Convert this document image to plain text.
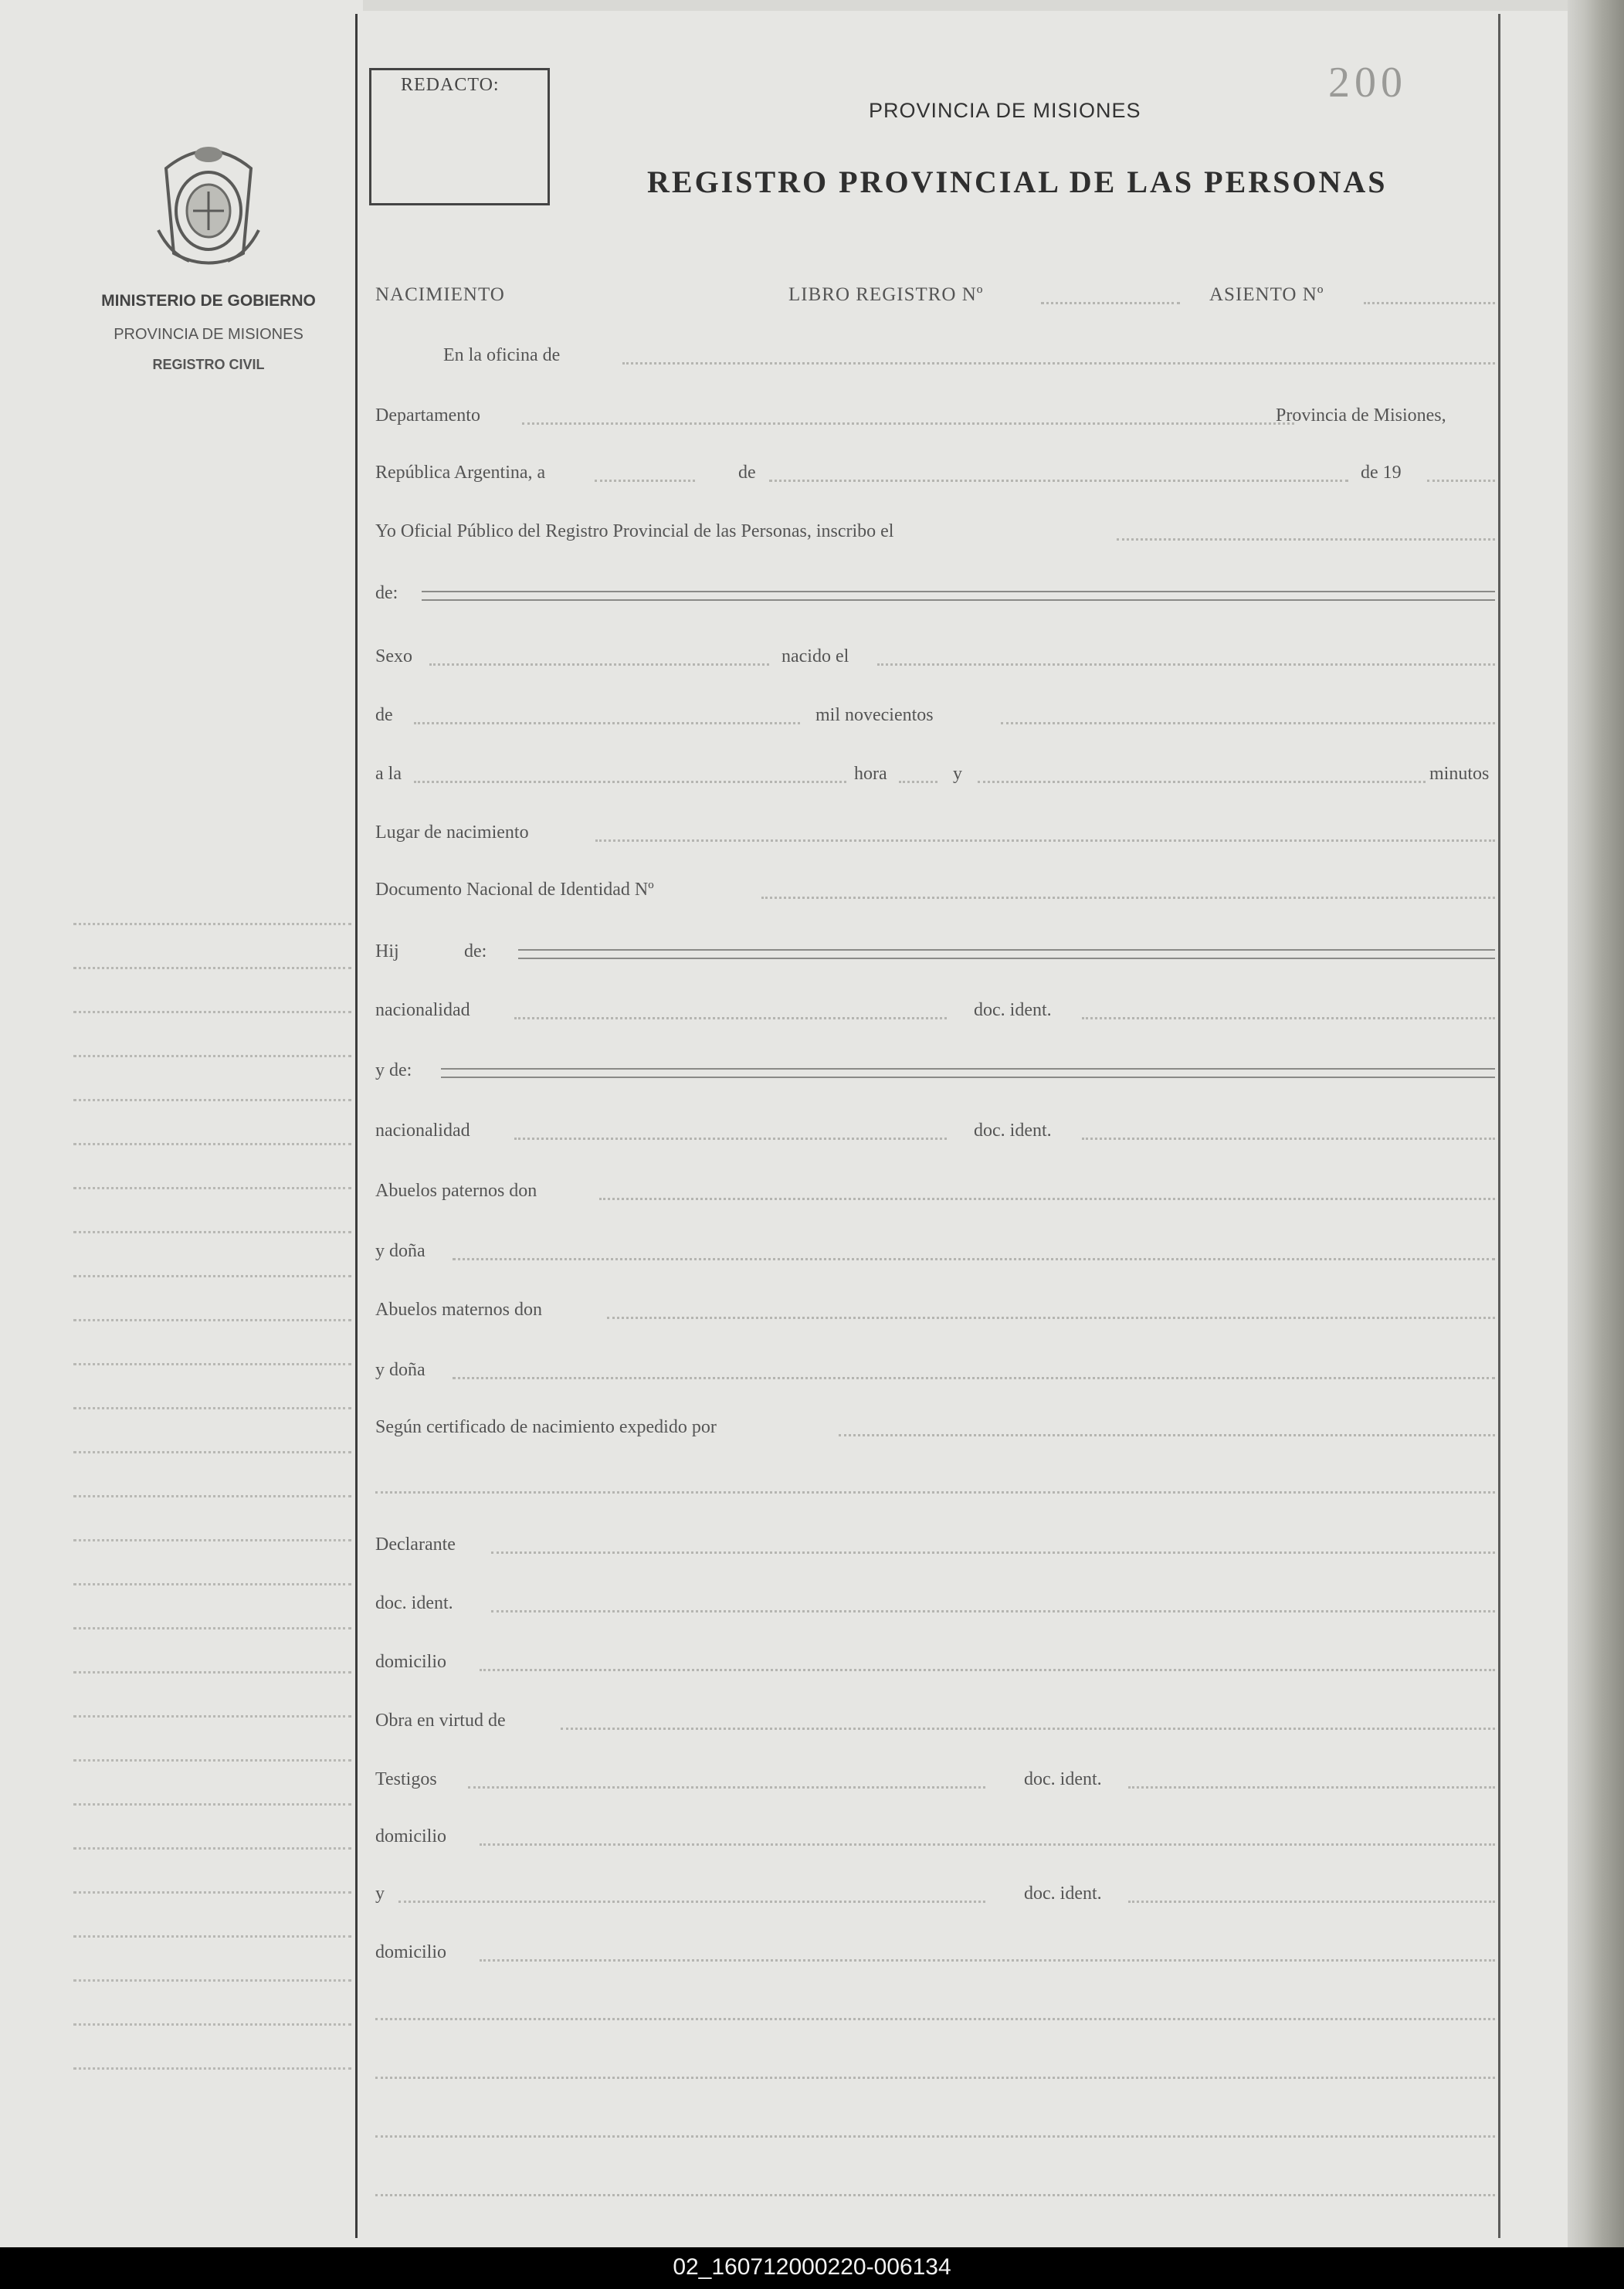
MINISTERIO DE GOBIERNO
PROVINCIA DE MISIONES
REGISTRO CIVIL
REDACTO:	200
PROVINCIA DE MISIONES
REGISTRO PROVINCIAL DE LAS PERSONAS
NACIMIENTO	LIBRO REGISTRO Nº	ASIENTO Nº
En la oficina de
Departamento	Provincia de Misiones,
República Argentina, a	de	de 19
Yo Oficial Público del Registro Provincial de las Personas, inscribo el
de:
Sexo	nacido el
de	mil novecientos
a la	hora	y	minutos
Lugar de nacimiento
Documento Nacional de Identidad Nº
Hij	de:
nacionalidad	doc. ident.
y de:
nacionalidad	doc. ident.
Abuelos paternos don
y doña
Abuelos maternos don
y doña
Según certificado de nacimiento expedido por
Declarante
doc. ident.
domicilio
Obra en virtud de
Testigos	doc. ident.
domicilio
y	doc. ident.
domicilio
02_160712000220-006134
